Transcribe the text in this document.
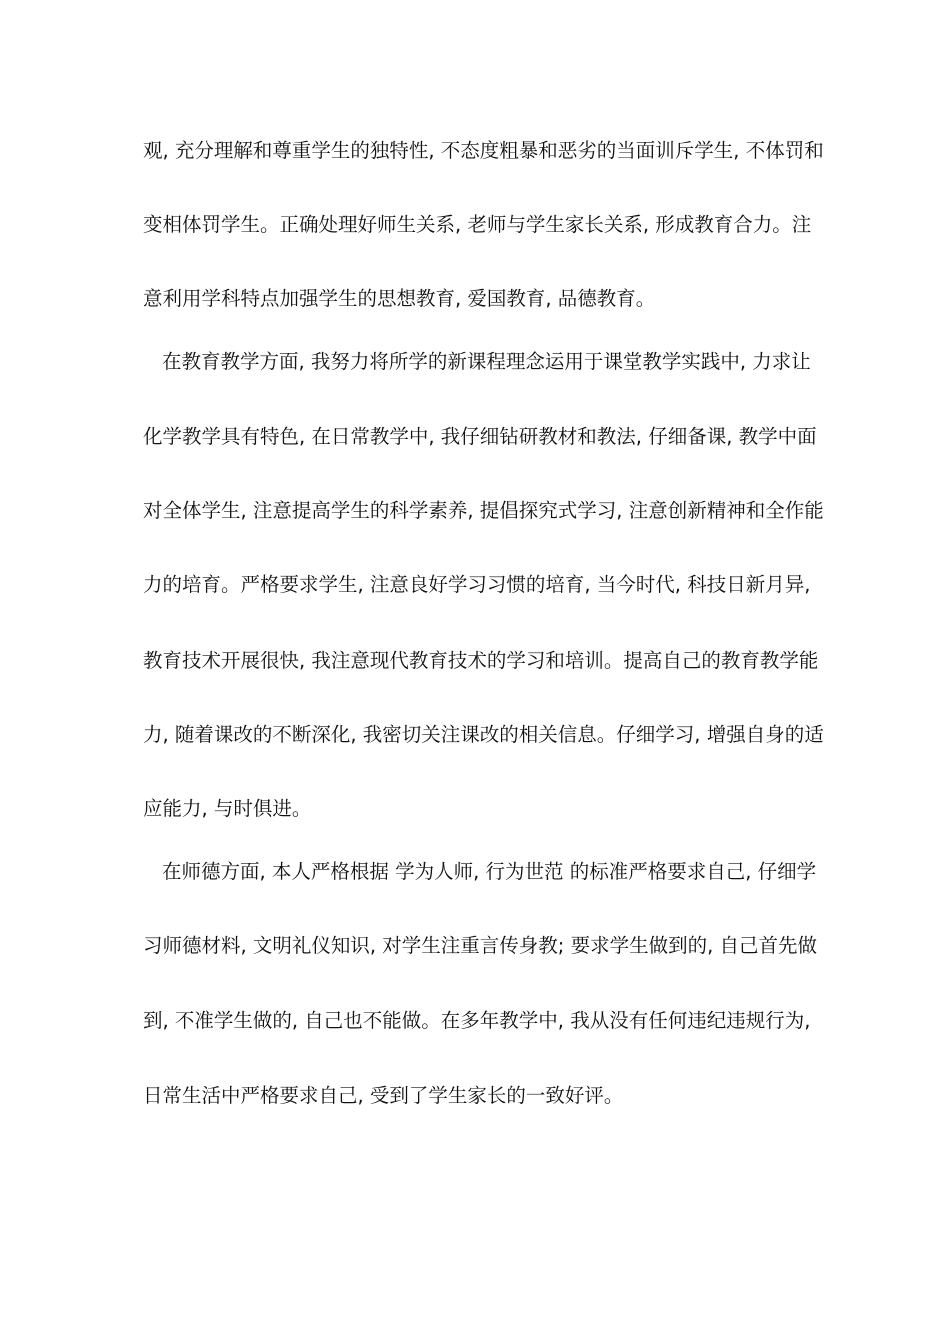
观, 充分理解和尊重学生的独特性, 不态度粗暴和恶劣的当面训斥学生, 不体罚和
变相体罚学生。正确处理好师生关系, 老师与学生家长关系, 形成教育合力。注
意利用学科特点加强学生的思想教育, 爱国教育, 品德教育。
在教育教学方面, 我努力将所学的新课程理念运用于课堂教学实践中, 力求让
化学教学具有特色, 在日常教学中, 我仔细钻研教材和教法, 仔细备课, 教学中面
对全体学生, 注意提高学生的科学素养, 提倡探究式学习, 注意创新精神和全作能
力的培育。严格要求学生, 注意良好学习习惯的培育, 当今时代, 科技日新月异,
教育技术开展很快, 我注意现代教育技术的学习和培训。提高自己的教育教学能
力, 随着课改的不断深化, 我密切关注课改的相关信息。仔细学习, 增强自身的适
应能力, 与时俱进。
在师德方面, 本人严格根据 学为人师, 行为世范 的标准严格要求自己, 仔细学
习师德材料, 文明礼仪知识, 对学生注重言传身教; 要求学生做到的, 自己首先做
到, 不准学生做的, 自己也不能做。在多年教学中, 我从没有任何违纪违规行为,
日常生活中严格要求自己, 受到了学生家长的一致好评。
